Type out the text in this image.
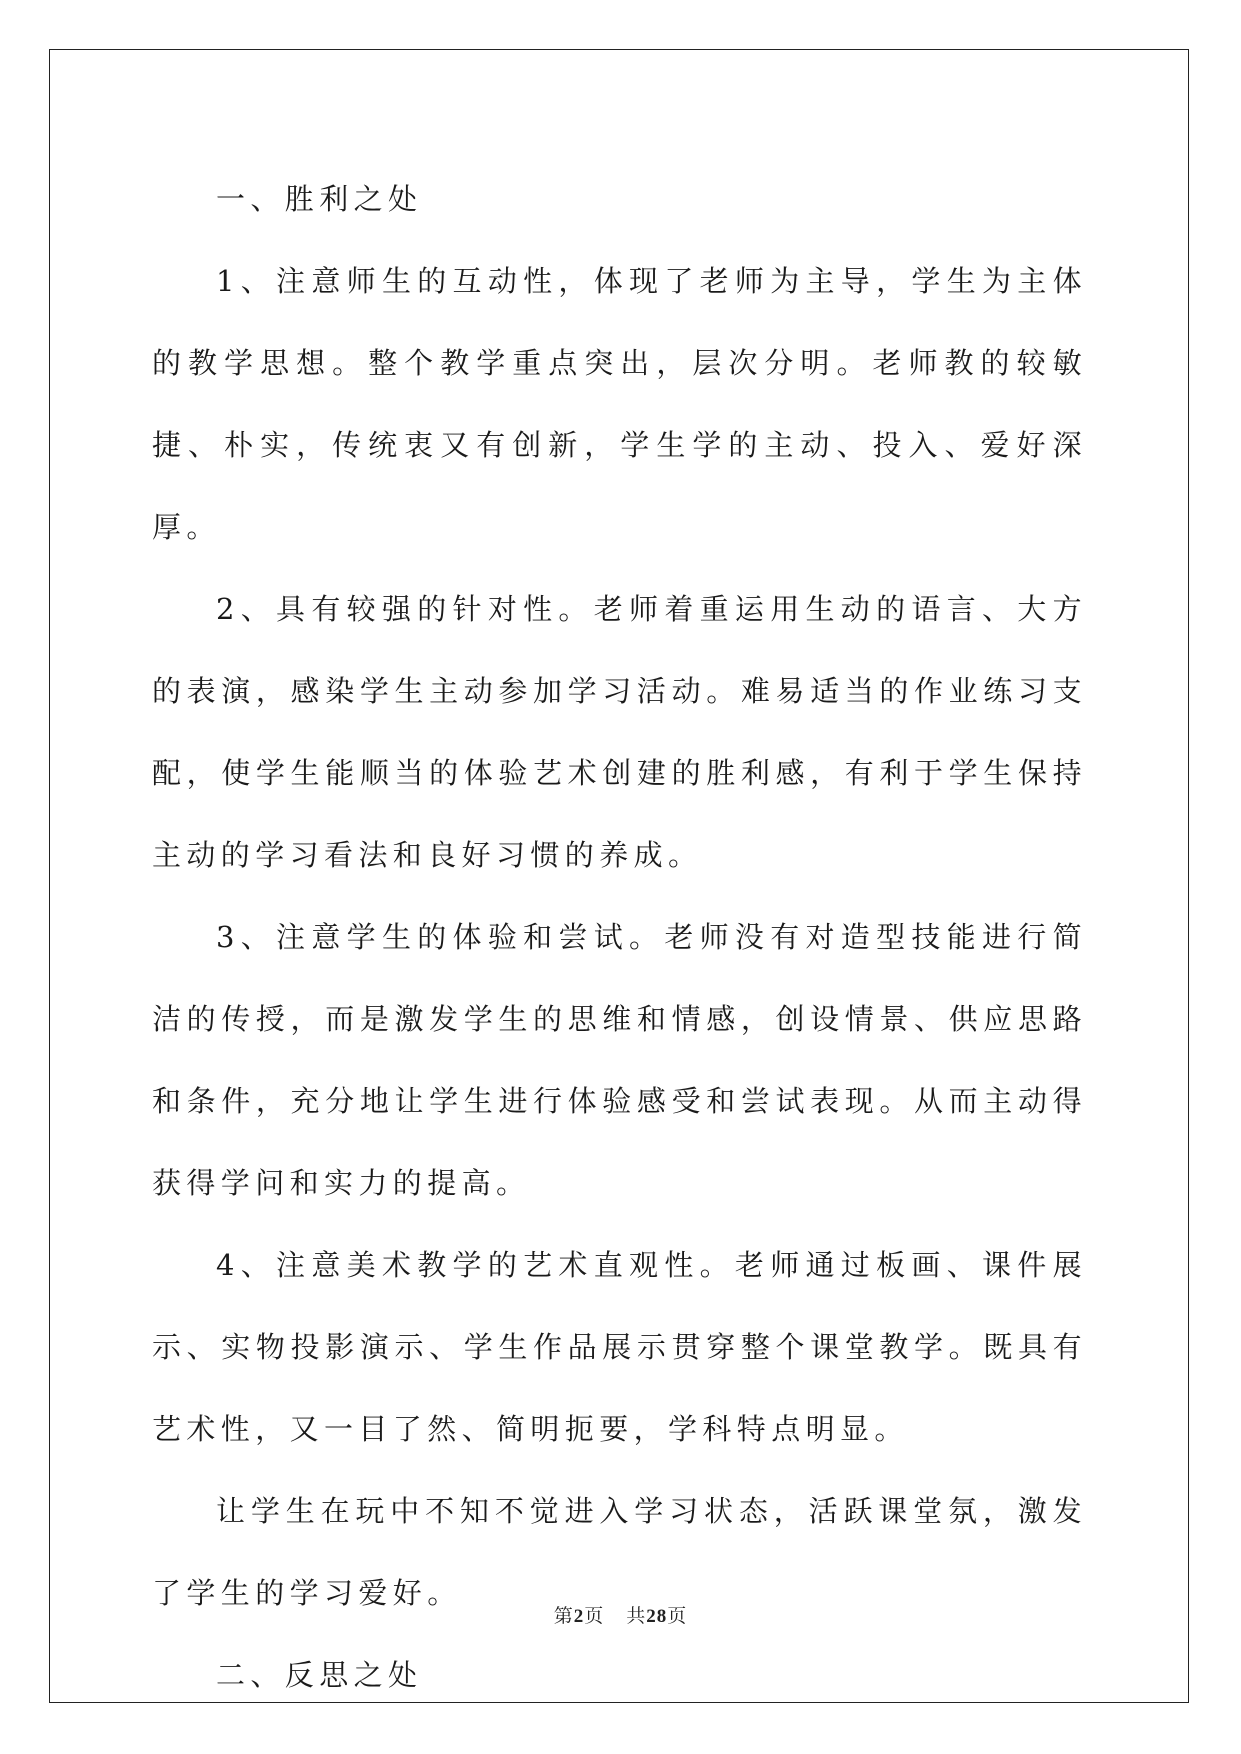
一、胜利之处

1、注意师生的互动性，体现了老师为主导，学生为主体的教学思想。整个教学重点突出，层次分明。老师教的较敏捷、朴实，传统衷又有创新，学生学的主动、投入、爱好深厚。

2、具有较强的针对性。老师着重运用生动的语言、大方的表演，感染学生主动参加学习活动。难易适当的作业练习支配，使学生能顺当的体验艺术创建的胜利感，有利于学生保持主动的学习看法和良好习惯的养成。

3、注意学生的体验和尝试。老师没有对造型技能进行简洁的传授，而是激发学生的思维和情感，创设情景、供应思路和条件，充分地让学生进行体验感受和尝试表现。从而主动得获得学问和实力的提高。

4、注意美术教学的艺术直观性。老师通过板画、课件展示、实物投影演示、学生作品展示贯穿整个课堂教学。既具有艺术性，又一目了然、简明扼要，学科特点明显。

让学生在玩中不知不觉进入学习状态，活跃课堂氛，激发了学生的学习爱好。

二、反思之处

第2页 共28页
